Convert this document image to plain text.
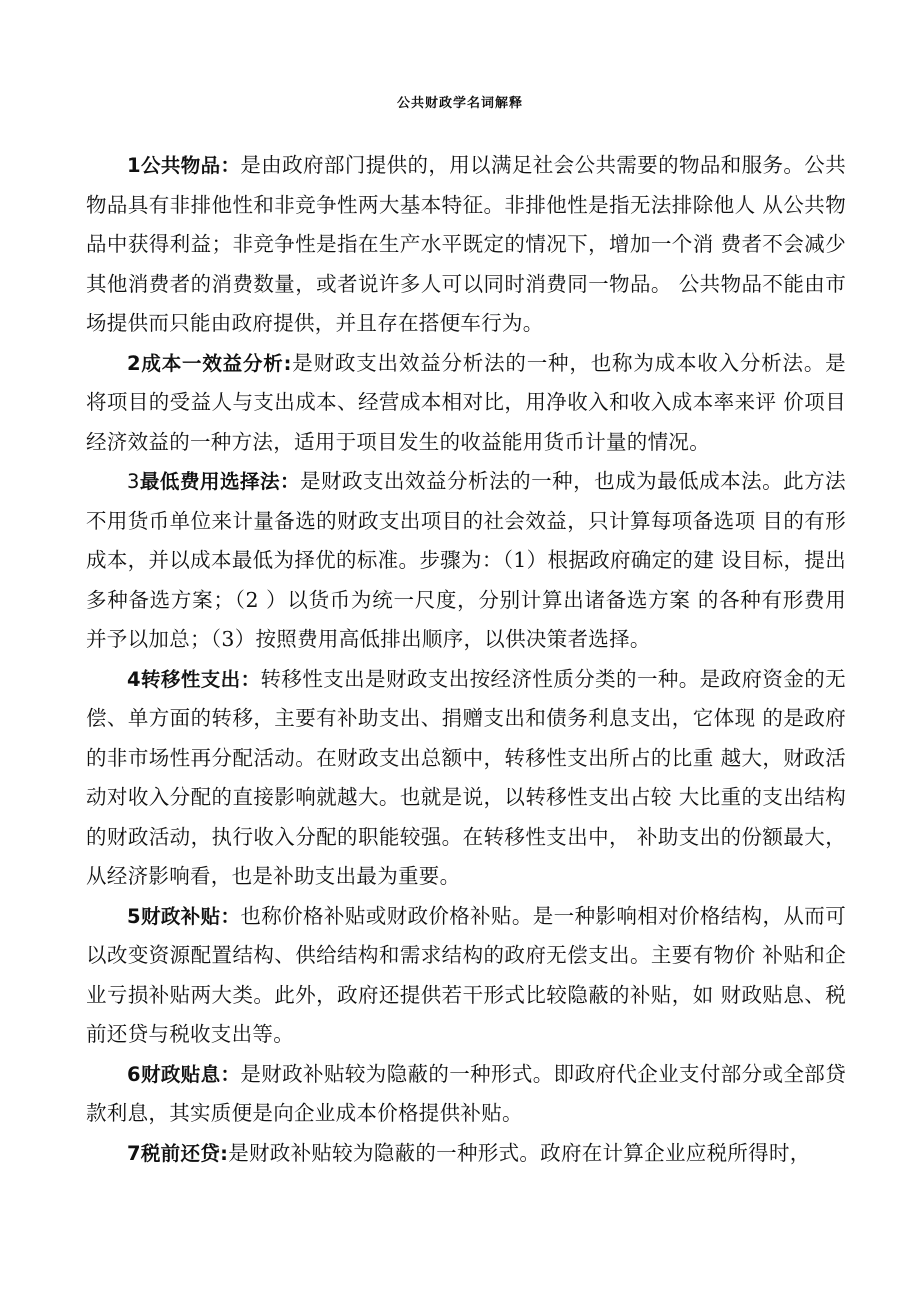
公共财政学名词解释

1公共物品：是由政府部门提供的，用以满足社会公共需要的物品和服务。公共物品具有非排他性和非竞争性两大基本特征。非排他性是指无法排除他人 从公共物品中获得利益；非竞争性是指在生产水平既定的情况下，增加一个消 费者不会减少其他消费者的消费数量，或者说许多人可以同时消费同一物品。 公共物品不能由市场提供而只能由政府提供，并且存在搭便车行为。

2成本一效益分析:是财政支出效益分析法的一种，也称为成本收入分析法。是将项目的受益人与支出成本、经营成本相对比，用净收入和收入成本率来评 价项目经济效益的一种方法，适用于项目发生的收益能用货币计量的情况。

3最低费用选择法：是财政支出效益分析法的一种，也成为最低成本法。此方法不用货币单位来计量备选的财政支出项目的社会效益，只计算每项备选项 目的有形成本，并以成本最低为择优的标准。步骤为：（1）根据政府确定的建 设目标，提出多种备选方案；（2 ）以货币为统一尺度，分别计算出诸备选方案 的各种有形费用并予以加总；（3）按照费用高低排出顺序，以供决策者选择。

4转移性支出：转移性支出是财政支出按经济性质分类的一种。是政府资金的无偿、单方面的转移，主要有补助支出、捐赠支出和债务利息支出，它体现 的是政府的非市场性再分配活动。在财政支出总额中，转移性支出所占的比重 越大，财政活动对收入分配的直接影响就越大。也就是说，以转移性支出占较 大比重的支出结构的财政活动，执行收入分配的职能较强。在转移性支出中， 补助支出的份额最大，从经济影响看，也是补助支出最为重要。

5财政补贴：也称价格补贴或财政价格补贴。是一种影响相对价格结构，从而可以改变资源配置结构、供给结构和需求结构的政府无偿支出。主要有物价 补贴和企业亏损补贴两大类。此外，政府还提供若干形式比较隐蔽的补贴，如 财政贴息、税前还贷与税收支出等。

6财政贴息：是财政补贴较为隐蔽的一种形式。即政府代企业支付部分或全部贷款利息，其实质便是向企业成本价格提供补贴。

7税前还贷:是财政补贴较为隐蔽的一种形式。政府在计算企业应税所得时，
